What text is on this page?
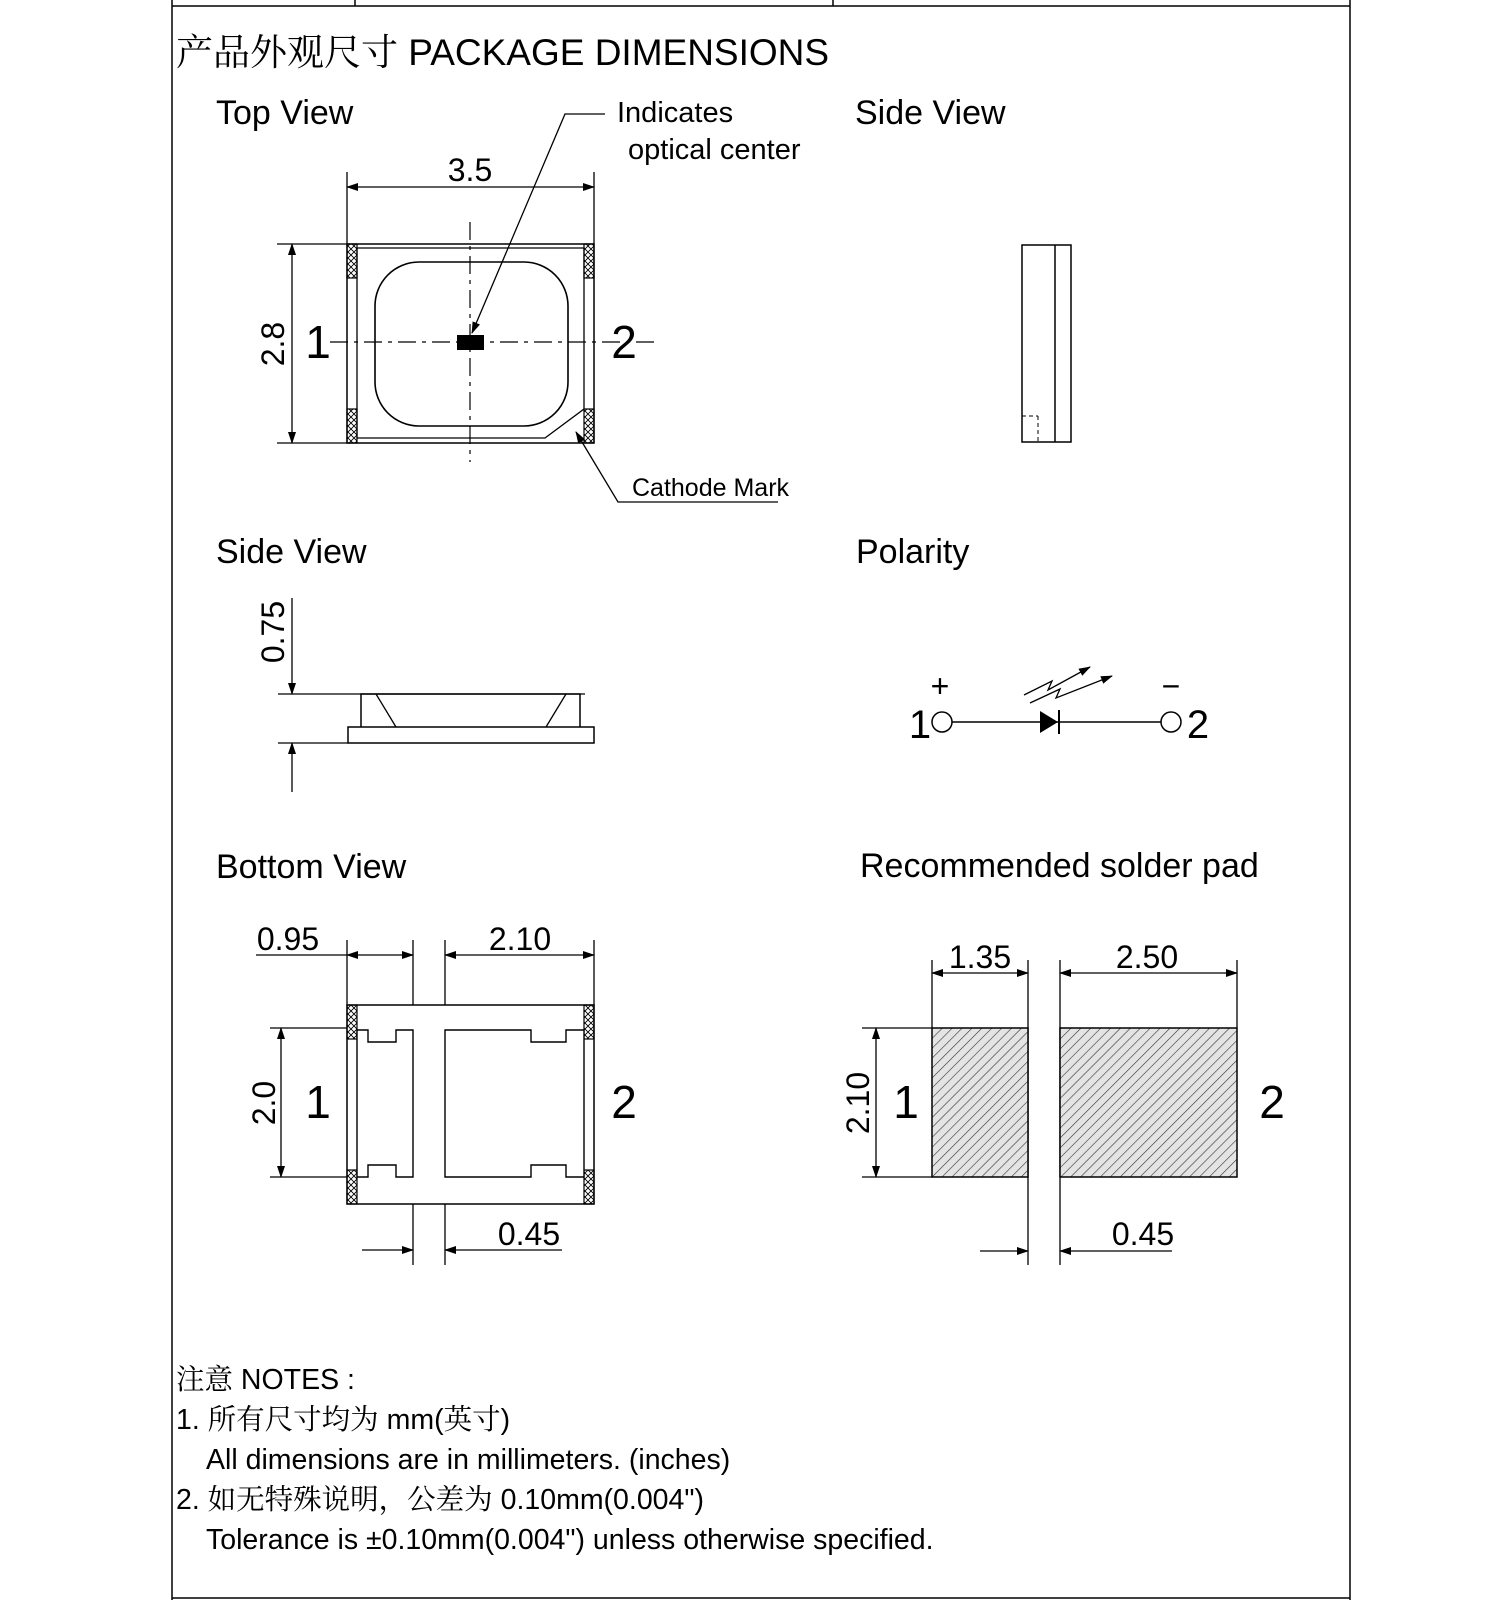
Top View
3.5
2.8
Indicates
optical center
Cathode Mark
1	2
Side View
Side View
0.75
Polarity
+	−
1	2
Bottom View
0.95	2.10
0.45
2.0 1	2
Recommended solder pad
1.35	2.50
0.45
2.10 1	2
产品外观尺寸 PACKAGE DIMENSIONS
注意 NOTES :
1. 所有尺寸均为 mm(英寸)
All dimensions are in millimeters. (inches)
2. 如无特殊说明，公差为 0.10mm(0.004")
Tolerance is ±0.10mm(0.004") unless otherwise specified.
